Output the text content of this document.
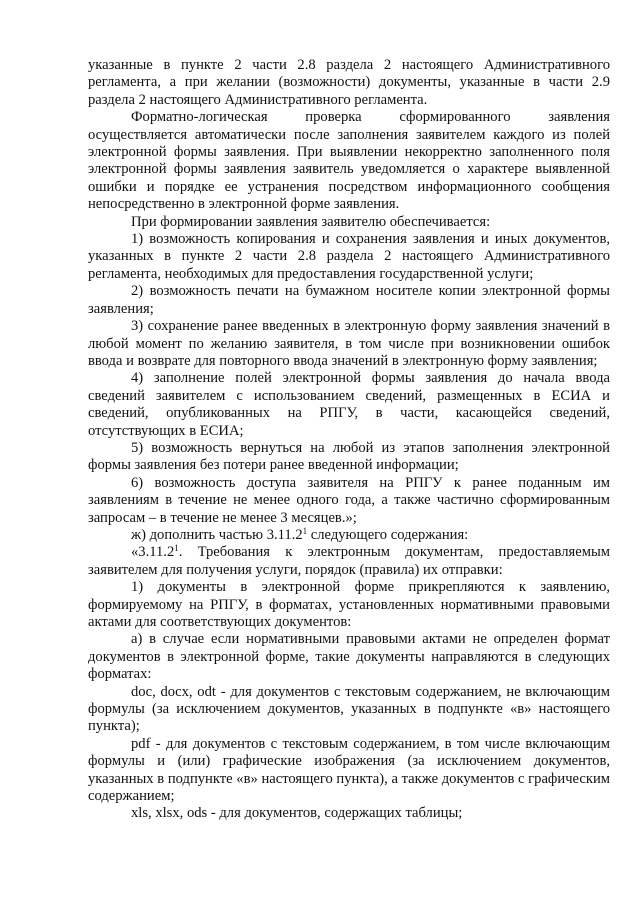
указанные в пункте 2 части 2.8 раздела 2 настоящего Административного регламента, а при желании (возможности) документы, указанные в части 2.9 раздела 2 настоящего Административного регламента.

Форматно-логическая проверка сформированного заявления осуществляется автоматически после заполнения заявителем каждого из полей электронной формы заявления. При выявлении некорректно заполненного поля электронной формы заявления заявитель уведомляется о характере выявленной ошибки и порядке ее устранения посредством информационного сообщения непосредственно в электронной форме заявления.

При формировании заявления заявителю обеспечивается:

1) возможность копирования и сохранения заявления и иных документов, указанных в пункте 2 части 2.8 раздела 2 настоящего Административного регламента, необходимых для предоставления государственной услуги;

2) возможность печати на бумажном носителе копии электронной формы заявления;

3) сохранение ранее введенных в электронную форму заявления значений в любой момент по желанию заявителя, в том числе при возникновении ошибок ввода и возврате для повторного ввода значений в электронную форму заявления;

4) заполнение полей электронной формы заявления до начала ввода сведений заявителем с использованием сведений, размещенных в ЕСИА и сведений, опубликованных на РПГУ, в части, касающейся сведений, отсутствующих в ЕСИА;

5) возможность вернуться на любой из этапов заполнения электронной формы заявления без потери ранее введенной информации;

6) возможность доступа заявителя на РПГУ к ранее поданным им заявлениям в течение не менее одного года, а также частично сформированным запросам – в течение не менее 3 месяцев.»;

ж) дополнить частью 3.11.2$^1$ следующего содержания:

«3.11.2$^1$. Требования к электронным документам, предоставляемым заявителем для получения услуги, порядок (правила) их отправки:

1) документы в электронной форме прикрепляются к заявлению, формируемому на РПГУ, в форматах, установленных нормативными правовыми актами для соответствующих документов:

а) в случае если нормативными правовыми актами не определен формат документов в электронной форме, такие документы направляются в следующих форматах:

doc, docx, odt - для документов с текстовым содержанием, не включающим формулы (за исключением документов, указанных в подпункте «в» настоящего пункта);

pdf - для документов с текстовым содержанием, в том числе включающим формулы и (или) графические изображения (за исключением документов, указанных в подпункте «в» настоящего пункта), а также документов с графическим содержанием;

xls, xlsx, ods - для документов, содержащих таблицы;
